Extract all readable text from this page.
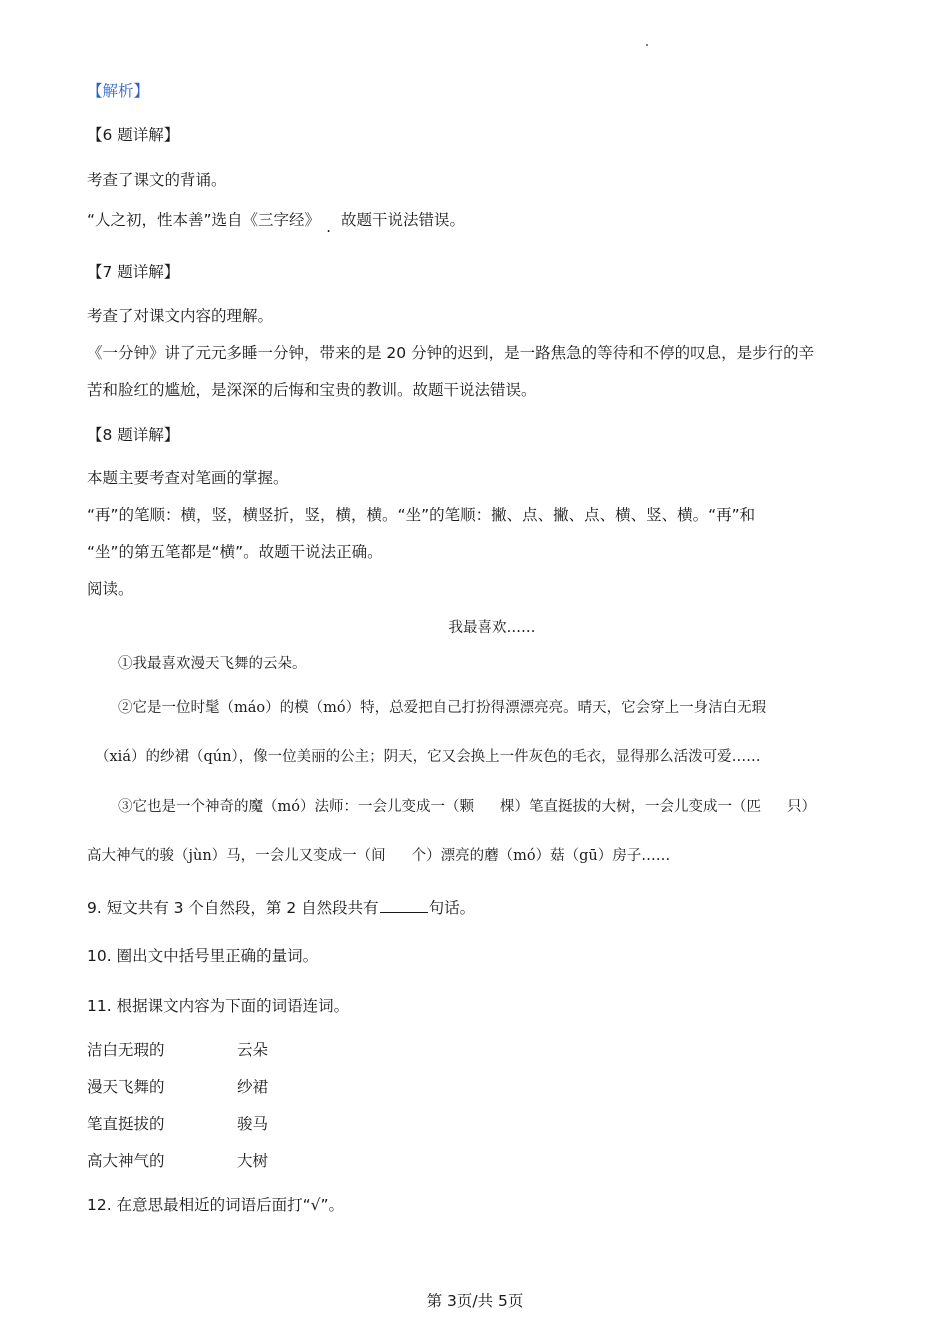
【解析】
【6 题详解】
考查了课文的背诵。
“人之初，性本善”选自《三字经》 . 故题干说法错误。
【7 题详解】
考查了对课文内容的理解。
《一分钟》讲了元元多睡一分钟，带来的是 20 分钟的迟到，是一路焦急的等待和不停的叹息，是步行的辛
苦和脸红的尴尬，是深深的后悔和宝贵的教训。故题干说法错误。
【8 题详解】
本题主要考查对笔画的掌握。
“再”的笔顺：横，竖，横竖折，竖，横，横。“坐”的笔顺：撇、点、撇、点、横、竖、横。“再”和
“坐”的第五笔都是“横”。故题干说法正确。
阅读。
我最喜欢……
①我最喜欢漫天飞舞的云朵。
②它是一位时髦（máo）的模（mó）特，总爱把自己打扮得漂漂亮亮。晴天，它会穿上一身洁白无瑕
（xiá）的纱裙（qún），像一位美丽的公主；阴天，它又会换上一件灰色的毛衣，显得那么活泼可爱……
③它也是一个神奇的魔（mó）法师：一会儿变成一（颗 棵）笔直挺拔的大树，一会儿变成一（匹 只）
高大神气的骏（jùn）马，一会儿又变成一（间 个）漂亮的蘑（mó）菇（gū）房子……
9. 短文共有 3 个自然段，第 2 自然段共有	句话。
10. 圈出文中括号里正确的量词。
11. 根据课文内容为下面的词语连词。
洁白无瑕的	云朵
漫天飞舞的	纱裙
笔直挺拔的	骏马
高大神气的	大树
12. 在意思最相近的词语后面打“√”。
第 3页/共 5页
